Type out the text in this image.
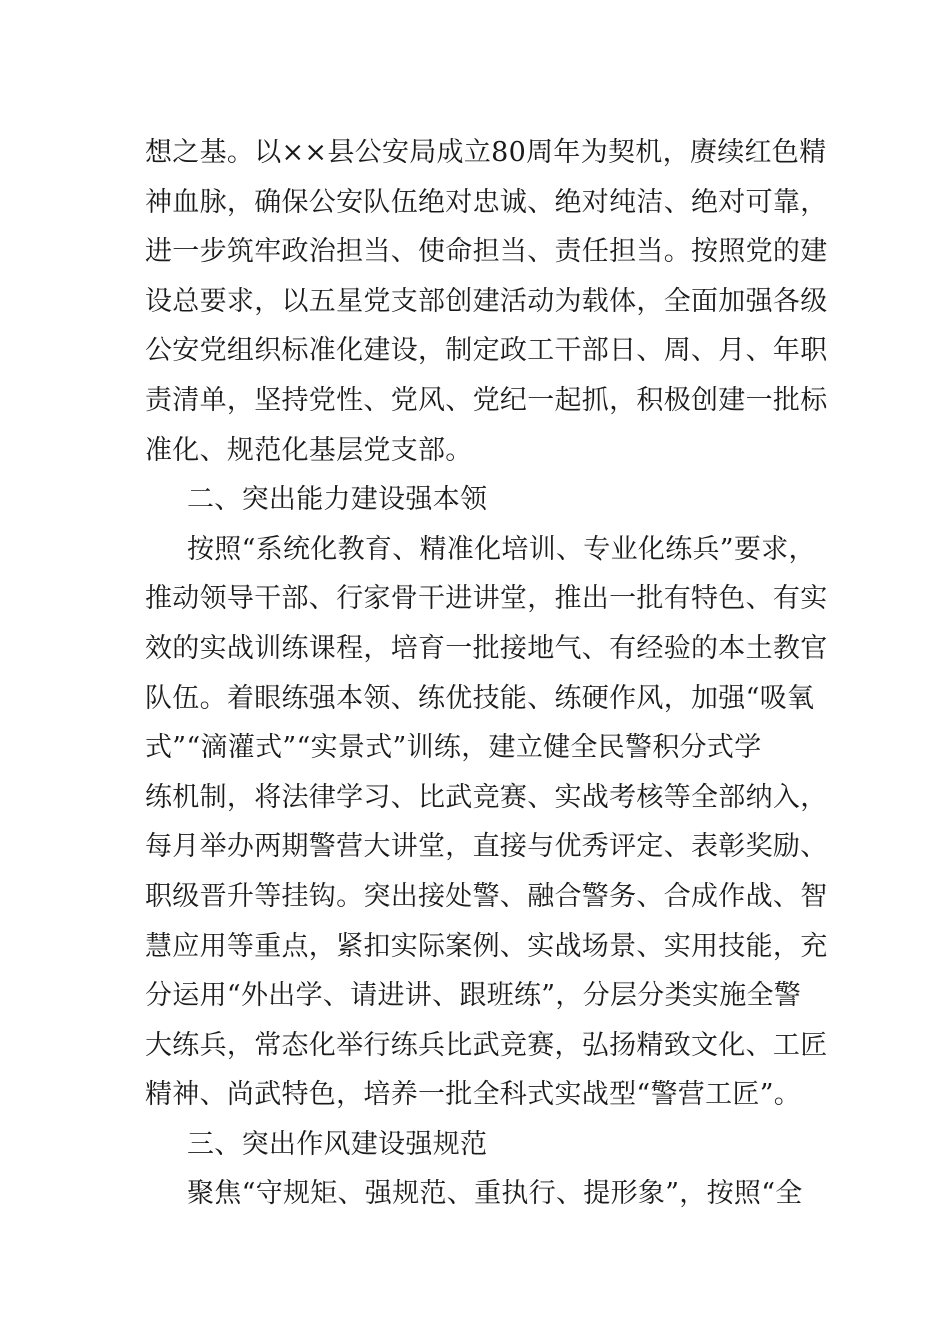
想之基。以××县公安局成立80周年为契机，赓续红色精
神血脉，确保公安队伍绝对忠诚、绝对纯洁、绝对可靠，
进一步筑牢政治担当、使命担当、责任担当。按照党的建
设总要求，以五星党支部创建活动为载体，全面加强各级
公安党组织标准化建设，制定政工干部日、周、月、年职
责清单，坚持党性、党风、党纪一起抓，积极创建一批标
准化、规范化基层党支部。
二、突出能力建设强本领
按照“系统化教育、精准化培训、专业化练兵”要求，
推动领导干部、行家骨干进讲堂，推出一批有特色、有实
效的实战训练课程，培育一批接地气、有经验的本土教官
队伍。着眼练强本领、练优技能、练硬作风，加强“吸氧
式”“滴灌式”“实景式”训练，建立健全民警积分式学
练机制，将法律学习、比武竞赛、实战考核等全部纳入，
每月举办两期警营大讲堂，直接与优秀评定、表彰奖励、
职级晋升等挂钩。突出接处警、融合警务、合成作战、智
慧应用等重点，紧扣实际案例、实战场景、实用技能，充
分运用“外出学、请进讲、跟班练”，分层分类实施全警
大练兵，常态化举行练兵比武竞赛，弘扬精致文化、工匠
精神、尚武特色，培养一批全科式实战型“警营工匠”。
三、突出作风建设强规范
聚焦“守规矩、强规范、重执行、提形象”，按照“全
